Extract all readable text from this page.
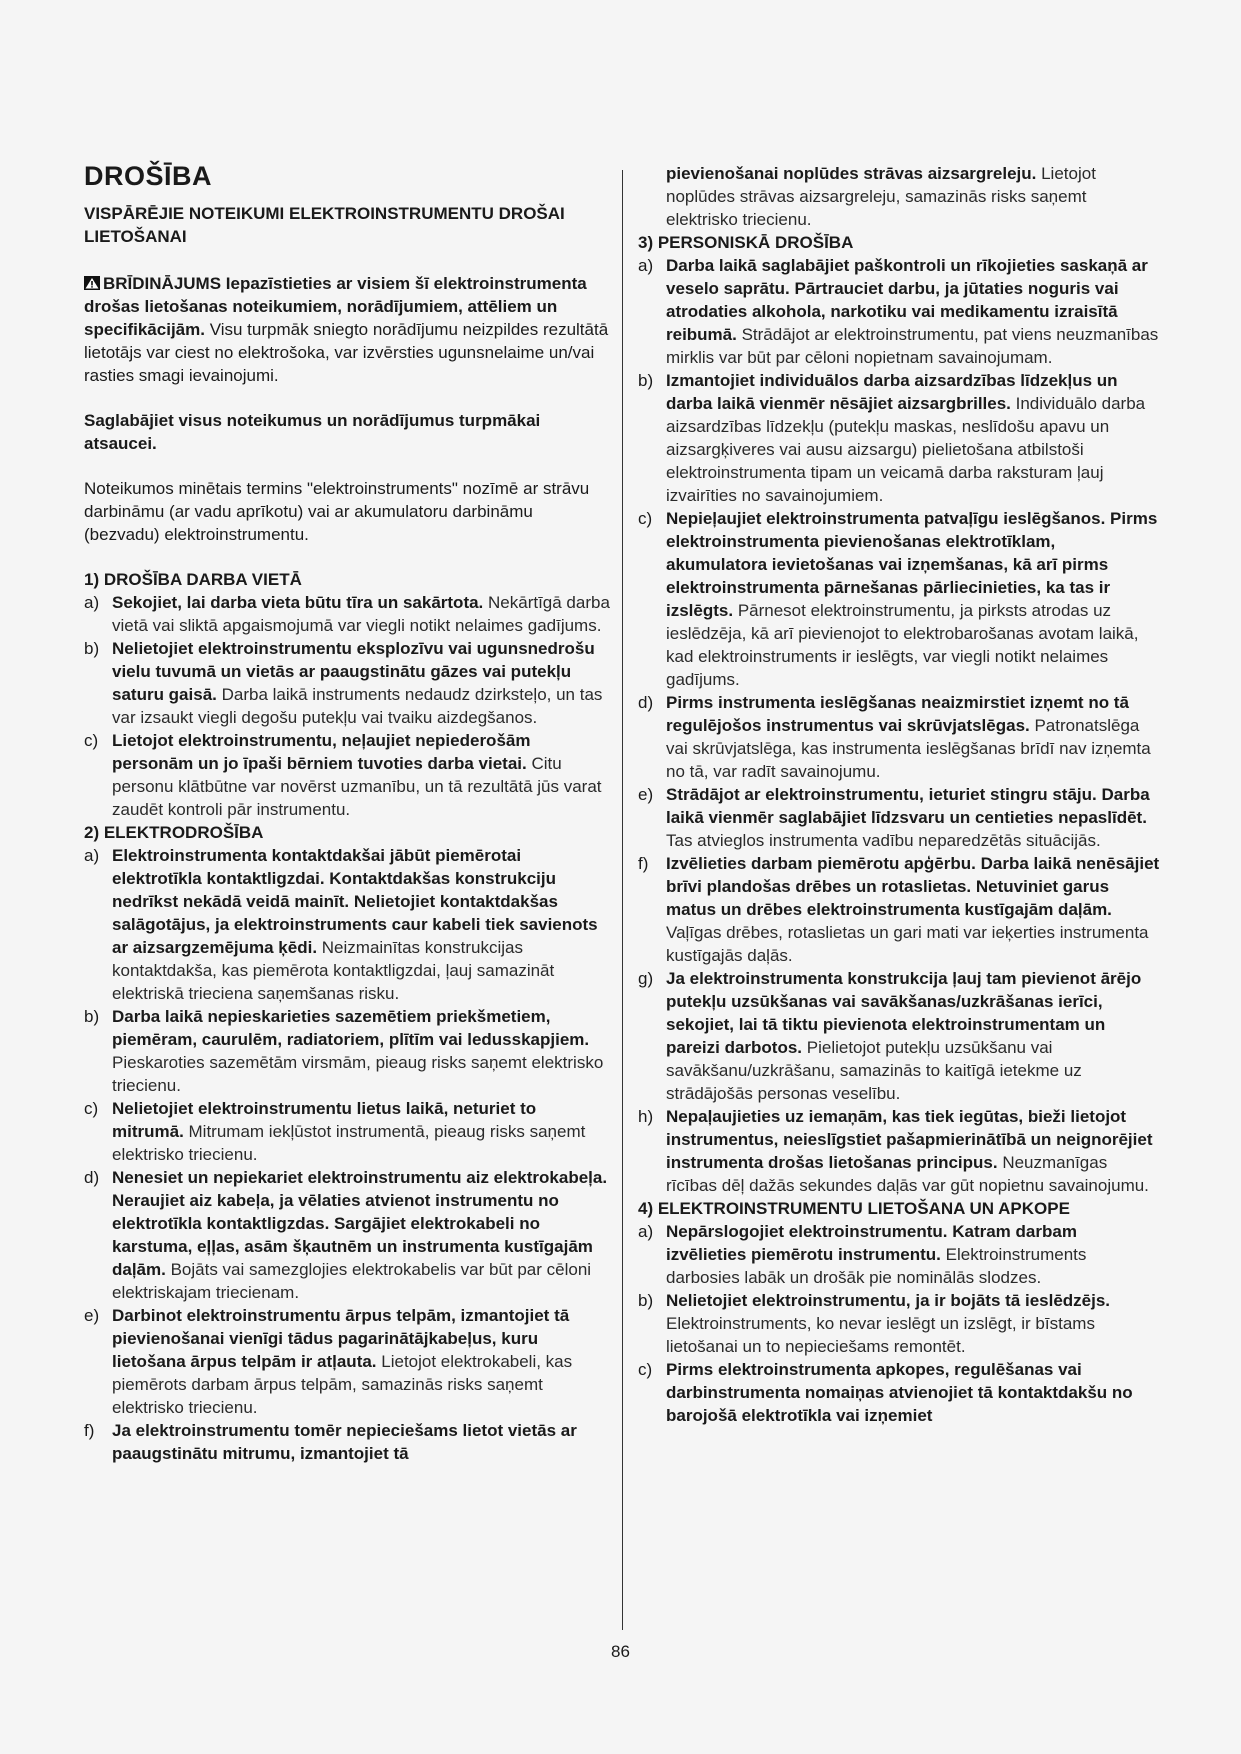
DROŠĪBA

VISPĀRĒJIE NOTEIKUMI ELEKTROINSTRUMENTU DROŠAI LIETOŠANAI

BRĪDINĀJUMS Iepazīstieties ar visiem šī elektroinstrumenta drošas lietošanas noteikumiem, norādījumiem, attēliem un specifikācijām. Visu turpmāk sniegto norādījumu neizpildes rezultātā lietotājs var ciest no elektrošoka, var izvērsties ugunsnelaime un/vai rasties smagi ievainojumi.

Saglabājiet visus noteikumus un norādījumus turpmākai atsaucei.

Noteikumos minētais termins "elektroinstruments" nozīmē ar strāvu darbināmu (ar vadu aprīkotu) vai ar akumulatoru darbināmu (bezvadu) elektroinstrumentu.

1) DROŠĪBA DARBA VIETĀ

a) Sekojiet, lai darba vieta būtu tīra un sakārtota. Nekārtīgā darba vietā vai sliktā apgaismojumā var viegli notikt nelaimes gadījums.
b) Nelietojiet elektroinstrumentu eksplozīvu vai ugunsnedrošu vielu tuvumā un vietās ar paaugstinātu gāzes vai putekļu saturu gaisā. Darba laikā instruments nedaudz dzirksteļo, un tas var izsaukt viegli degošu putekļu vai tvaiku aizdegšanos.
c) Lietojot elektroinstrumentu, neļaujiet nepiederošām personām un jo īpaši bērniem tuvoties darba vietai. Citu personu klātbūtne var novērst uzmanību, un tā rezultātā jūs varat zaudēt kontroli pār instrumentu.

2) ELEKTRODROŠĪBA

a) Elektroinstrumenta kontaktdakšai jābūt piemērotai elektrotīkla kontaktligzdai. Kontaktdakšas konstrukciju nedrīkst nekādā veidā mainīt. Nelietojiet kontaktdakšas salāgotājus, ja elektroinstruments caur kabeli tiek savienots ar aizsargzemējuma ķēdi. Neizmainītas konstrukcijas kontaktdakša, kas piemērota kontaktligzdai, ļauj samazināt elektriskā trieciena saņemšanas risku.
b) Darba laikā nepieskarieties sazemētiem priekšmetiem, piemēram, caurulēm, radiatoriem, plītīm vai ledusskapjiem. Pieskaroties sazemētām virsmām, pieaug risks saņemt elektrisko triecienu.
c) Nelietojiet elektroinstrumentu lietus laikā, neturiet to mitrumā. Mitrumam iekļūstot instrumentā, pieaug risks saņemt elektrisko triecienu.
d) Nenesiet un nepiekariet elektroinstrumentu aiz elektrokabeļa. Neraujiet aiz kabeļa, ja vēlaties atvienot instrumentu no elektrotīkla kontaktligzdas. Sargājiet elektrokabeli no karstuma, eļļas, asām šķautnēm un instrumenta kustīgajām daļām. Bojāts vai samezglojies elektrokabelis var būt par cēloni elektriskajam triecienam.
e) Darbinot elektroinstrumentu ārpus telpām, izmantojiet tā pievienošanai vienīgi tādus pagarinātājkabeļus, kuru lietošana ārpus telpām ir atļauta. Lietojot elektrokabeli, kas piemērots darbam ārpus telpām, samazinās risks saņemt elektrisko triecienu.
f) Ja elektroinstrumentu tomēr nepieciešams lietot vietās ar paaugstinātu mitrumu, izmantojiet tā
pievienošanai noplūdes strāvas aizsargreleju. Lietojot noplūdes strāvas aizsargreleju, samazinās risks saņemt elektrisko triecienu.

3) PERSONISKĀ DROŠĪBA

a) Darba laikā saglabājiet paškontroli un rīkojieties saskaņā ar veselo saprātu. Pārtrauciet darbu, ja jūtaties noguris vai atrodaties alkohola, narkotiku vai medikamentu izraisītā reibumā. Strādājot ar elektroinstrumentu, pat viens neuzmanības mirklis var būt par cēloni nopietnam savainojumam.
b) Izmantojiet individuālos darba aizsardzības līdzekļus un darba laikā vienmēr nēsājiet aizsargbrilles. Individuālo darba aizsardzības līdzekļu (putekļu maskas, neslīdošu apavu un aizsargķiveres vai ausu aizsargu) pielietošana atbilstoši elektroinstrumenta tipam un veicamā darba raksturam ļauj izvairīties no savainojumiem.
c) Nepieļaujiet elektroinstrumenta patvaļīgu ieslēgšanos. Pirms elektroinstrumenta pievienošanas elektrotīklam, akumulatora ievietošanas vai izņemšanas, kā arī pirms elektroinstrumenta pārnešanas pārliecinieties, ka tas ir izslēgts. Pārnesot elektroinstrumentu, ja pirksts atrodas uz ieslēdzēja, kā arī pievienojot to elektrobarošanas avotam laikā, kad elektroinstruments ir ieslēgts, var viegli notikt nelaimes gadījums.
d) Pirms instrumenta ieslēgšanas neaizmirstiet izņemt no tā regulējošos instrumentus vai skrūvjatslēgas. Patronatslēga vai skrūvjatslēga, kas instrumenta ieslēgšanas brīdī nav izņemta no tā, var radīt savainojumu.
e) Strādājot ar elektroinstrumentu, ieturiet stingru stāju. Darba laikā vienmēr saglabājiet līdzsvaru un centieties nepaslīdēt. Tas atvieglos instrumenta vadību neparedzētās situācijās.
f) Izvēlieties darbam piemērotu apģērbu. Darba laikā nenēsājiet brīvi plandošas drēbes un rotaslietas. Netuviniet garus matus un drēbes elektroinstrumenta kustīgajām daļām. Vaļīgas drēbes, rotaslietas un gari mati var ieķerties instrumenta kustīgajās daļās.
g) Ja elektroinstrumenta konstrukcija ļauj tam pievienot ārējo putekļu uzsūkšanas vai savākšanas/uzkrāšanas ierīci, sekojiet, lai tā tiktu pievienota elektroinstrumentam un pareizi darbotos. Pielietojot putekļu uzsūkšanu vai savākšanu/uzkrāšanu, samazinās to kaitīgā ietekme uz strādājošās personas veselību.
h) Nepaļaujieties uz iemaņām, kas tiek iegūtas, bieži lietojot instrumentus, neieslīgstiet pašapmierinātībā un neignorējiet instrumenta drošas lietošanas principus. Neuzmanīgas rīcības dēļ dažās sekundes daļās var gūt nopietnu savainojumu.

4) ELEKTROINSTRUMENTU LIETOŠANA UN APKOPE

a) Nepārslogojiet elektroinstrumentu. Katram darbam izvēlieties piemērotu instrumentu. Elektroinstruments darbosies labāk un drošāk pie nominālās slodzes.
b) Nelietojiet elektroinstrumentu, ja ir bojāts tā ieslēdzējs. Elektroinstruments, ko nevar ieslēgt un izslēgt, ir bīstams lietošanai un to nepieciešams remontēt.
c) Pirms elektroinstrumenta apkopes, regulēšanas vai darbinstrumenta nomaiņas atvienojiet tā kontaktdakšu no barojošā elektrotīkla vai izņemiet
86
